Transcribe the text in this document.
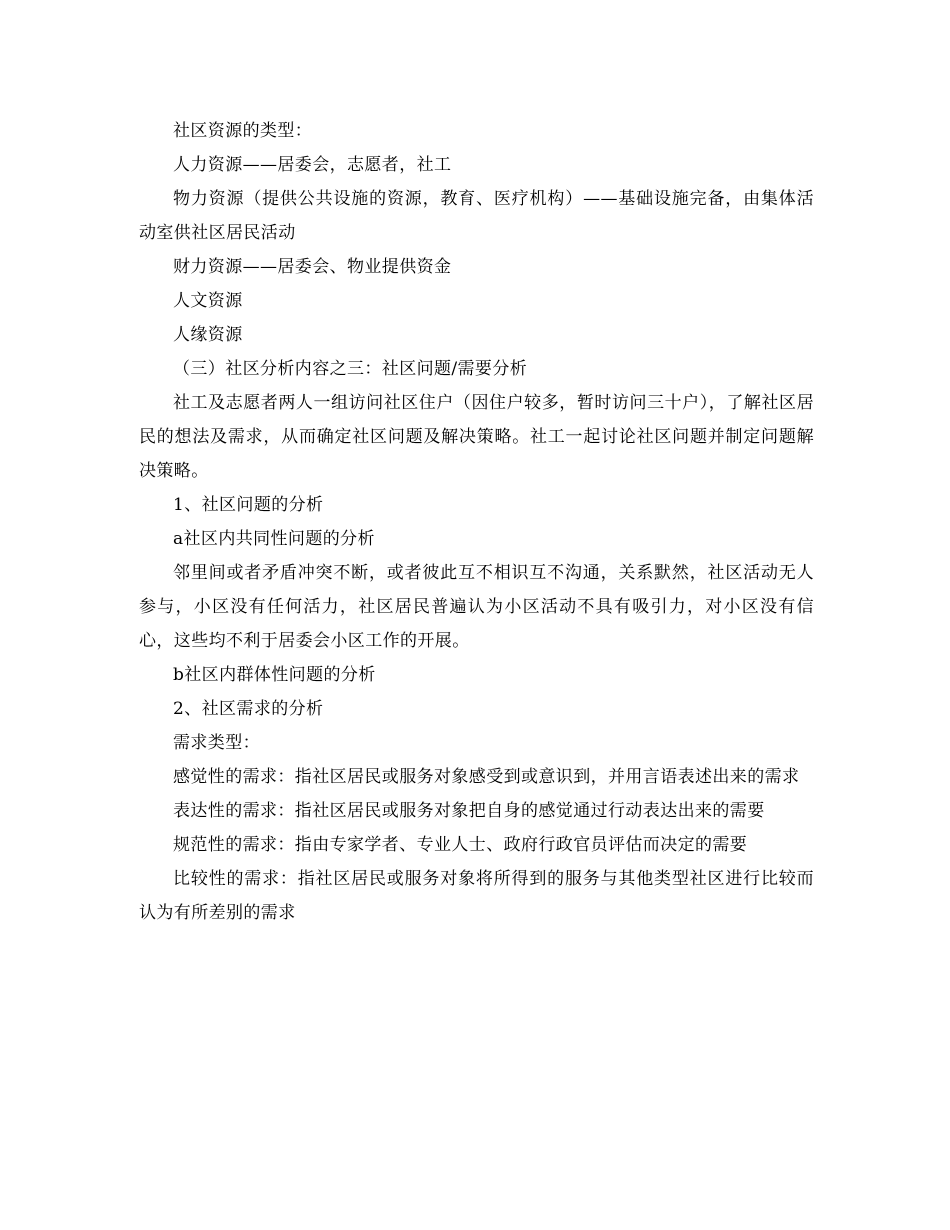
社区资源的类型：

人力资源——居委会，志愿者，社工

物力资源（提供公共设施的资源，教育、医疗机构）——基础设施完备，由集体活动室供社区居民活动

财力资源——居委会、物业提供资金

人文资源

人缘资源

（三）社区分析内容之三：社区问题/需要分析

社工及志愿者两人一组访问社区住户（因住户较多，暂时访问三十户），了解社区居民的想法及需求，从而确定社区问题及解决策略。社工一起讨论社区问题并制定问题解决策略。

1、社区问题的分析

a社区内共同性问题的分析

邻里间或者矛盾冲突不断，或者彼此互不相识互不沟通，关系默然，社区活动无人参与，小区没有任何活力，社区居民普遍认为小区活动不具有吸引力，对小区没有信心，这些均不利于居委会小区工作的开展。

b社区内群体性问题的分析

2、社区需求的分析

需求类型：

感觉性的需求：指社区居民或服务对象感受到或意识到，并用言语表述出来的需求

表达性的需求：指社区居民或服务对象把自身的感觉通过行动表达出来的需要

规范性的需求：指由专家学者、专业人士、政府行政官员评估而决定的需要

比较性的需求：指社区居民或服务对象将所得到的服务与其他类型社区进行比较而认为有所差别的需求
